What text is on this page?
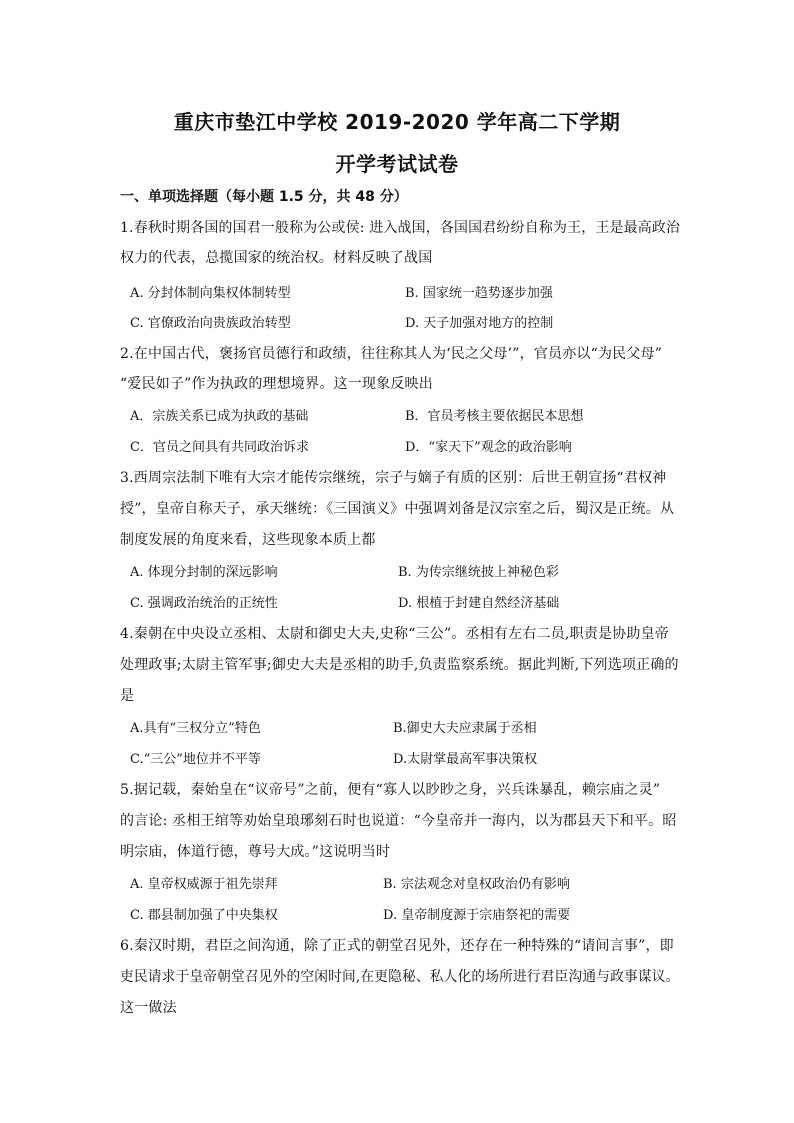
重庆市垫江中学校 2019-2020 学年高二下学期
开学考试试卷
一、单项选择题（每小题 1.5 分，共 48 分）
1.春秋时期各国的国君一般称为公或侯: 进入战国，各国国君纷纷自称为王，王是最高政治
权力的代表，总揽国家的统治权。材料反映了战国
A. 分封体制向集权体制转型	B. 国家统一趋势逐步加强
C. 官僚政治向贵族政治转型	D. 天子加强对地方的控制
2.在中国古代，褒扬官员德行和政绩，往往称其人为‘民之父母’”，官员亦以“为民父母”
“爱民如子”作为执政的理想境界。这一现象反映出
A．宗族关系已成为执政的基础	B．官员考核主要依据民本思想
C．官员之间具有共同政治诉求	D．“家天下”观念的政治影响
3.西周宗法制下唯有大宗才能传宗继统，宗子与嫡子有质的区别：后世王朝宣扬“君权神
授”，皇帝自称天子，承天继统：《三国演义》中强调刘备是汉宗室之后，蜀汉是正统。从
制度发展的角度来看，这些现象本质上都
A. 体现分封制的深远影响	B. 为传宗继统披上神秘色彩
C. 强调政治统治的正统性	D. 根植于封建自然经济基础
4.秦朝在中央设立丞相、太尉和御史大夫,史称“三公”。丞相有左右二员,职责是协助皇帝
处理政事;太尉主管军事;御史大夫是丞相的助手,负责监察系统。据此判断,下列选项正确的
是
A.具有“三权分立”特色	B.御史大夫应隶属于丞相
C.“三公”地位并不平等	D.太尉掌最高军事决策权
5.据记载，秦始皇在“议帝号”之前，便有“寡人以眇眇之身，兴兵诛暴乱，赖宗庙之灵”
的言论: 丞相王绾等劝始皇琅琊刻石时也说道：“今皇帝并一海内，以为郡县天下和平。昭
明宗庙，体道行德，尊号大成。”这说明当时
A. 皇帝权威源于祖先崇拜	B. 宗法观念对皇权政治仍有影响
C. 郡县制加强了中央集权	D. 皇帝制度源于宗庙祭祀的需要
6.秦汉时期，君臣之间沟通，除了正式的朝堂召见外，还存在一种特殊的“请间言事”，即
吏民请求于皇帝朝堂召见外的空闲时间,在更隐秘、私人化的场所进行君臣沟通与政事谋议。
这一做法
